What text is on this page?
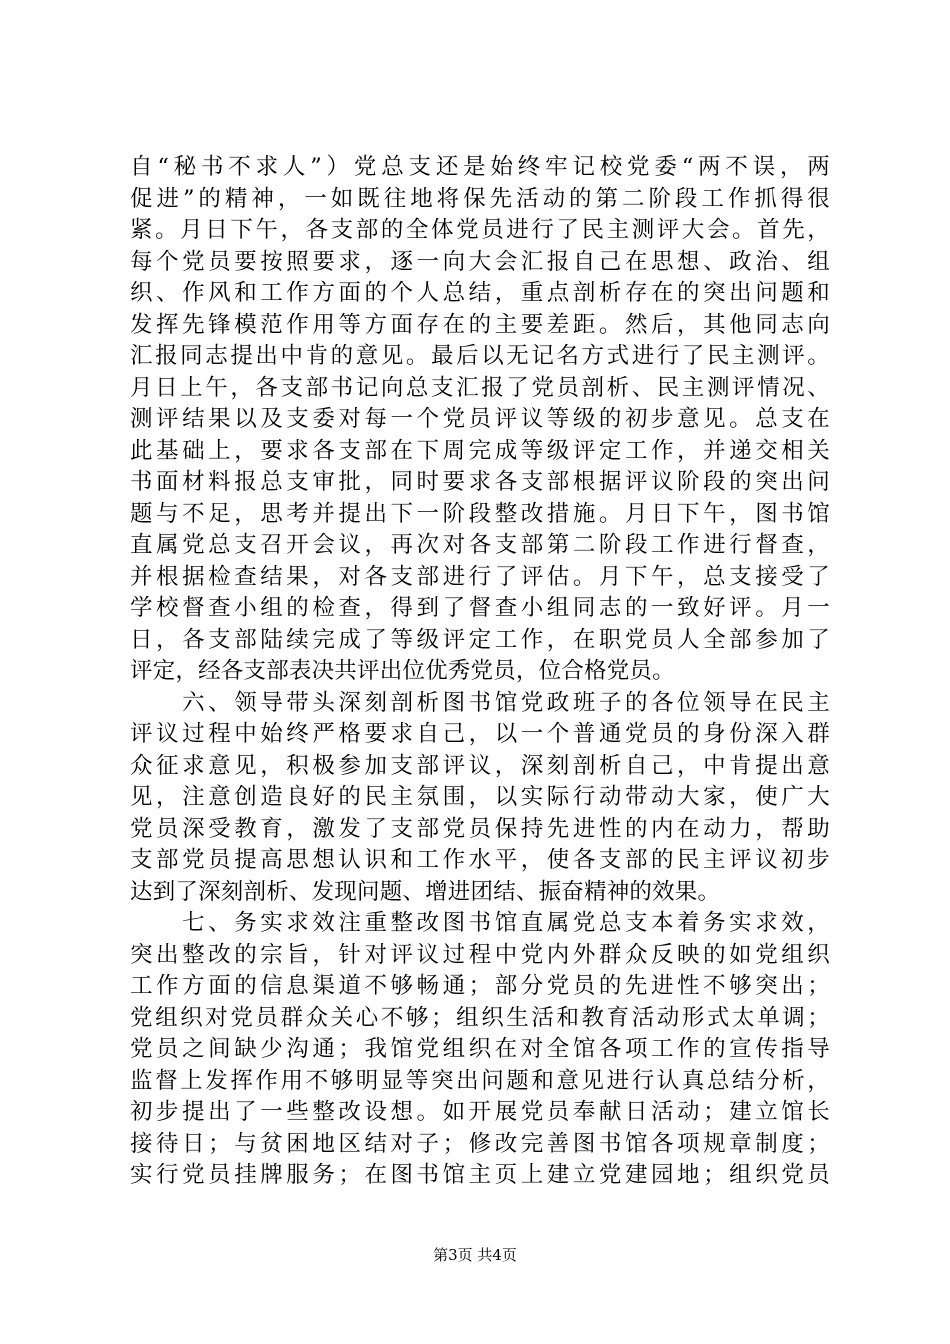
自“秘书不求人”）党总支还是始终牢记校党委“两不误，两
促进”的精神，一如既往地将保先活动的第二阶段工作抓得很
紧。月日下午，各支部的全体党员进行了民主测评大会。首先，
每个党员要按照要求，逐一向大会汇报自己在思想、政治、组
织、作风和工作方面的个人总结，重点剖析存在的突出问题和
发挥先锋模范作用等方面存在的主要差距。然后，其他同志向
汇报同志提出中肯的意见。最后以无记名方式进行了民主测评。
月日上午，各支部书记向总支汇报了党员剖析、民主测评情况、
测评结果以及支委对每一个党员评议等级的初步意见。总支在
此基础上，要求各支部在下周完成等级评定工作，并递交相关
书面材料报总支审批，同时要求各支部根据评议阶段的突出问
题与不足，思考并提出下一阶段整改措施。月日下午，图书馆
直属党总支召开会议，再次对各支部第二阶段工作进行督查，
并根据检查结果，对各支部进行了评估。月下午，总支接受了
学校督查小组的检查，得到了督查小组同志的一致好评。月一
日，各支部陆续完成了等级评定工作，在职党员人全部参加了
评定，经各支部表决共评出位优秀党员，位合格党员。
　　六、领导带头深刻剖析图书馆党政班子的各位领导在民主
评议过程中始终严格要求自己，以一个普通党员的身份深入群
众征求意见，积极参加支部评议，深刻剖析自己，中肯提出意
见，注意创造良好的民主氛围，以实际行动带动大家，使广大
党员深受教育，激发了支部党员保持先进性的内在动力，帮助
支部党员提高思想认识和工作水平，使各支部的民主评议初步
达到了深刻剖析、发现问题、增进团结、振奋精神的效果。
　　七、务实求效注重整改图书馆直属党总支本着务实求效，
突出整改的宗旨，针对评议过程中党内外群众反映的如党组织
工作方面的信息渠道不够畅通；部分党员的先进性不够突出；
党组织对党员群众关心不够；组织生活和教育活动形式太单调；
党员之间缺少沟通；我馆党组织在对全馆各项工作的宣传指导
监督上发挥作用不够明显等突出问题和意见进行认真总结分析，
初步提出了一些整改设想。如开展党员奉献日活动；建立馆长
接待日；与贫困地区结对子；修改完善图书馆各项规章制度；
实行党员挂牌服务；在图书馆主页上建立党建园地；组织党员
第3页 共4页
